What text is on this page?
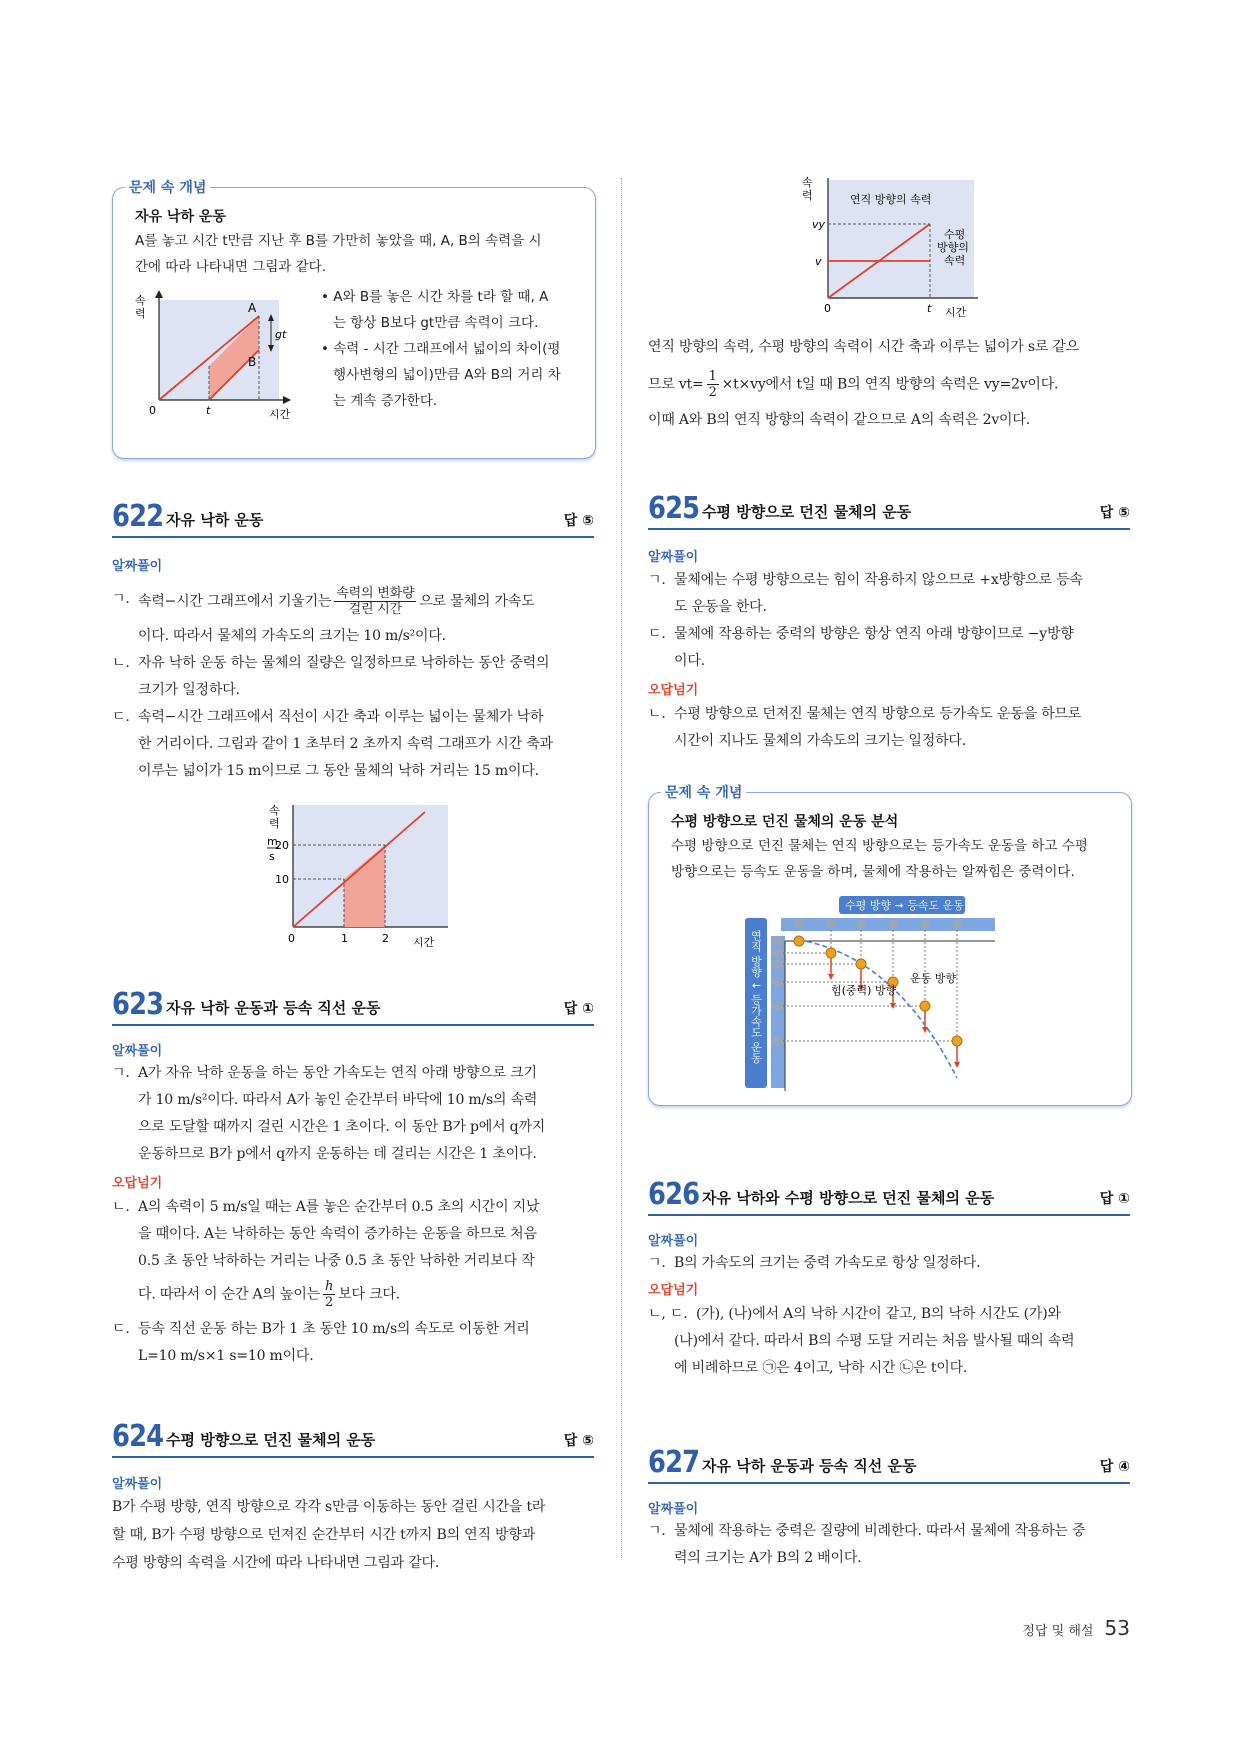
문제 속 개념
자유 낙하 운동
A를 놓고 시간 t만큼 지난 후 B를 가만히 놓았을 때, A, B의 속력을 시
간에 따라 나타내면 그림과 같다.
속
력
0	t	시간
A
B
gt
• A와 B를 놓은 시간 차를 t라 할 때, A
는 항상 B보다 gt만큼 속력이 크다.
• 속력 - 시간 그래프에서 넓이의 차이(평
행사변형의 넓이)만큼 A와 B의 거리 차
는 계속 증가한다.
622 자유 낙하 운동	답 ⑤
알짜풀이
ㄱ. 속력−시간 그래프에서 기울기는 $\frac{\text{속력의 변화량}}{\text{걸린 시간}}$ 으로 물체의 가속도
이다. 따라서 물체의 가속도의 크기는 10 m/s²이다.
ㄴ. 자유 낙하 운동 하는 물체의 질량은 일정하므로 낙하하는 동안 중력의
크기가 일정하다.
ㄷ. 속력−시간 그래프에서 직선이 시간 축과 이루는 넓이는 물체가 낙하
한 거리이다. 그림과 같이 1 초부터 2 초까지 속력 그래프가 시간 축과
이루는 넓이가 15 m이므로 그 동안 물체의 낙하 거리는 15 m이다.
속
력
m
s
20
10
0	1	2 시간
623 자유 낙하 운동과 등속 직선 운동	답 ①
알짜풀이
ㄱ. A가 자유 낙하 운동을 하는 동안 가속도는 연직 아래 방향으로 크기
가 10 m/s²이다. 따라서 A가 놓인 순간부터 바닥에 10 m/s의 속력
으로 도달할 때까지 걸린 시간은 1 초이다. 이 동안 B가 p에서 q까지
운동하므로 B가 p에서 q까지 운동하는 데 걸리는 시간은 1 초이다.
오답넘기
ㄴ. A의 속력이 5 m/s일 때는 A를 놓은 순간부터 0.5 초의 시간이 지났
을 때이다. A는 낙하하는 동안 속력이 증가하는 운동을 하므로 처음
0.5 초 동안 낙하하는 거리는 나중 0.5 초 동안 낙하한 거리보다 작
다. 따라서 이 순간 A의 높이는 $\frac{h}{2}$ 보다 크다.
ㄷ. 등속 직선 운동 하는 B가 1 초 동안 10 m/s의 속도로 이동한 거리
L=10 m/s×1 s=10 m이다.
624 수평 방향으로 던진 물체의 운동	답 ⑤
알짜풀이
B가 수평 방향, 연직 방향으로 각각 s만큼 이동하는 동안 걸린 시간을 t라
할 때, B가 수평 방향으로 던져진 순간부터 시간 t까지 B의 연직 방향과
수평 방향의 속력을 시간에 따라 나타내면 그림과 같다.
속
력
vy
v
0	t 시간
연직 방향의 속력
수평
방향의
속력
연직 방향의 속력, 수평 방향의 속력이 시간 축과 이루는 넓이가 s로 같으
므로 $vt= \frac{1}{2} \times t\times vy$에서 t일 때 B의 연직 방향의 속력은 vy=2v이다.
이때 A와 B의 연직 방향의 속력이 같으므로 A의 속력은 2v이다.
625 수평 방향으로 던진 물체의 운동	답 ⑤
알짜풀이
ㄱ. 물체에는 수평 방향으로는 힘이 작용하지 않으므로 +x방향으로 등속
도 운동을 한다.
ㄷ. 물체에 작용하는 중력의 방향은 항상 연직 아래 방향이므로 −y방향
이다.
오답넘기
ㄴ. 수평 방향으로 던져진 물체는 연직 방향으로 등가속도 운동을 하므로
시간이 지나도 물체의 가속도의 크기는 일정하다.
문제 속 개념
수평 방향으로 던진 물체의 운동 분석
수평 방향으로 던진 물체는 연직 방향으로는 등가속도 운동을 하고 수평
방향으로는 등속도 운동을 하며, 물체에 작용하는 알짜힘은 중력이다.
수평 방향 ➞ 등속도 운동
연직 방향 ↓ 등가속도 운동	운동 방향
힘(중력) 방향
626 자유 낙하와 수평 방향으로 던진 물체의 운동	답 ①
알짜풀이
ㄱ. B의 가속도의 크기는 중력 가속도로 항상 일정하다.
오답넘기
ㄴ, ㄷ. (가), (나)에서 A의 낙하 시간이 같고, B의 낙하 시간도 (가)와
(나)에서 같다. 따라서 B의 수평 도달 거리는 처음 발사될 때의 속력
에 비례하므로 ㉠은 4이고, 낙하 시간 ㉡은 t이다.
627 자유 낙하 운동과 등속 직선 운동	답 ④
알짜풀이
ㄱ. 물체에 작용하는 중력은 질량에 비례한다. 따라서 물체에 작용하는 중
력의 크기는 A가 B의 2 배이다.
정답 및 해설 53
